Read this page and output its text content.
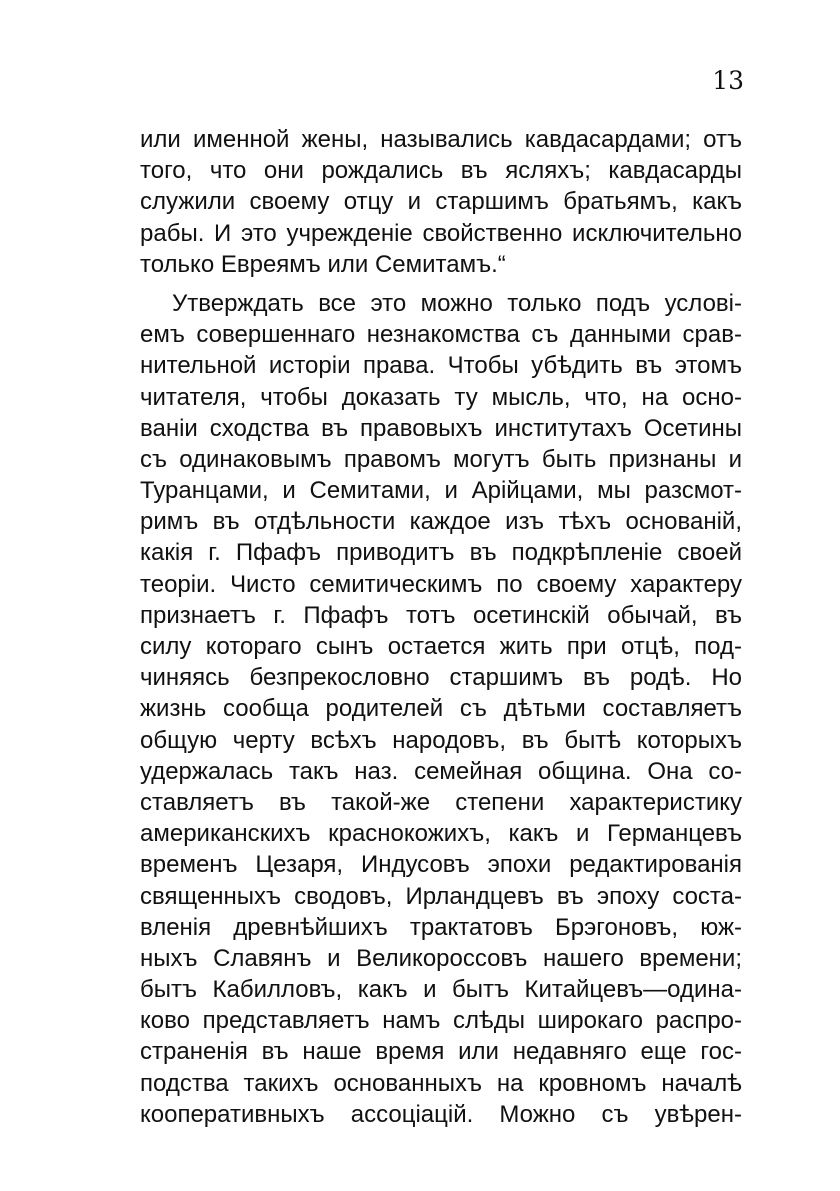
13
или именной жены, назывались кавдасардами; отъ
того, что они рождались въ ясляхъ; кавдасарды
служили своему отцу и старшимъ братьямъ, какъ
рабы. И это учрежденіе свойственно исключительно
только Евреямъ или Семитамъ.“
Утверждать все это можно только подъ услові-
емъ совершеннаго незнакомства съ данными срав-
нительной исторіи права. Чтобы убѣдить въ этомъ
читателя, чтобы доказать ту мысль, что, на осно-
ваніи сходства въ правовыхъ институтахъ Осетины
съ одинаковымъ правомъ могутъ быть признаны и
Туранцами, и Семитами, и Арійцами, мы разсмот-
римъ въ отдѣльности каждое изъ тѣхъ основаній,
какія г. Пфафъ приводитъ въ подкрѣпленіе своей
теоріи. Чисто семитическимъ по своему характеру
признаетъ г. Пфафъ тотъ осетинскій обычай, въ
силу котораго сынъ остается жить при отцѣ, под-
чиняясь безпрекословно старшимъ въ родѣ. Но
жизнь сообща родителей съ дѣтьми составляетъ
общую черту всѣхъ народовъ, въ бытѣ которыхъ
удержалась такъ наз. семейная община. Она со-
ставляетъ въ такой-же степени характеристику
американскихъ краснокожихъ, какъ и Германцевъ
временъ Цезаря, Индусовъ эпохи редактированія
священныхъ сводовъ, Ирландцевъ въ эпоху соста-
вленія древнѣйшихъ трактатовъ Брэгоновъ, юж-
ныхъ Славянъ и Великороссовъ нашего времени;
бытъ Кабилловъ, какъ и бытъ Китайцевъ—одина-
ково представляетъ намъ слѣды широкаго распро-
страненія въ наше время или недавняго еще гос-
подства такихъ основанныхъ на кровномъ началѣ
кооперативныхъ ассоціацій. Можно съ увѣрен-
